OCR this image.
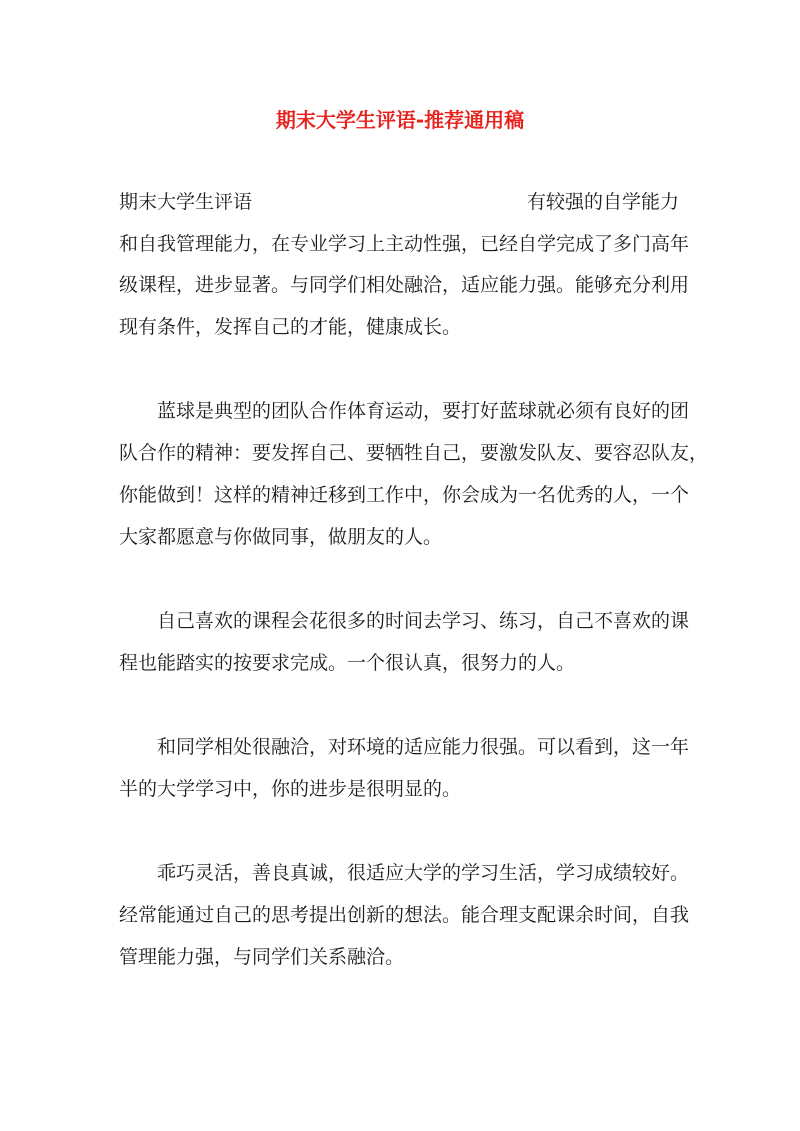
期末大学生评语-推荐通用稿
期末大学生评语	有较强的自学能力
和自我管理能力，在专业学习上主动性强，已经自学完成了多门高年
级课程，进步显著。与同学们相处融洽，适应能力强。能够充分利用
现有条件，发挥自己的才能，健康成长。
蓝球是典型的团队合作体育运动，要打好蓝球就必须有良好的团
队合作的精神：要发挥自己、要牺牲自己，要激发队友、要容忍队友，
你能做到！这样的精神迁移到工作中，你会成为一名优秀的人，一个
大家都愿意与你做同事，做朋友的人。
自己喜欢的课程会花很多的时间去学习、练习，自己不喜欢的课
程也能踏实的按要求完成。一个很认真，很努力的人。
和同学相处很融洽，对环境的适应能力很强。可以看到，这一年
半的大学学习中，你的进步是很明显的。
乖巧灵活，善良真诚，很适应大学的学习生活，学习成绩较好。
经常能通过自己的思考提出创新的想法。能合理支配课余时间，自我
管理能力强，与同学们关系融洽。
